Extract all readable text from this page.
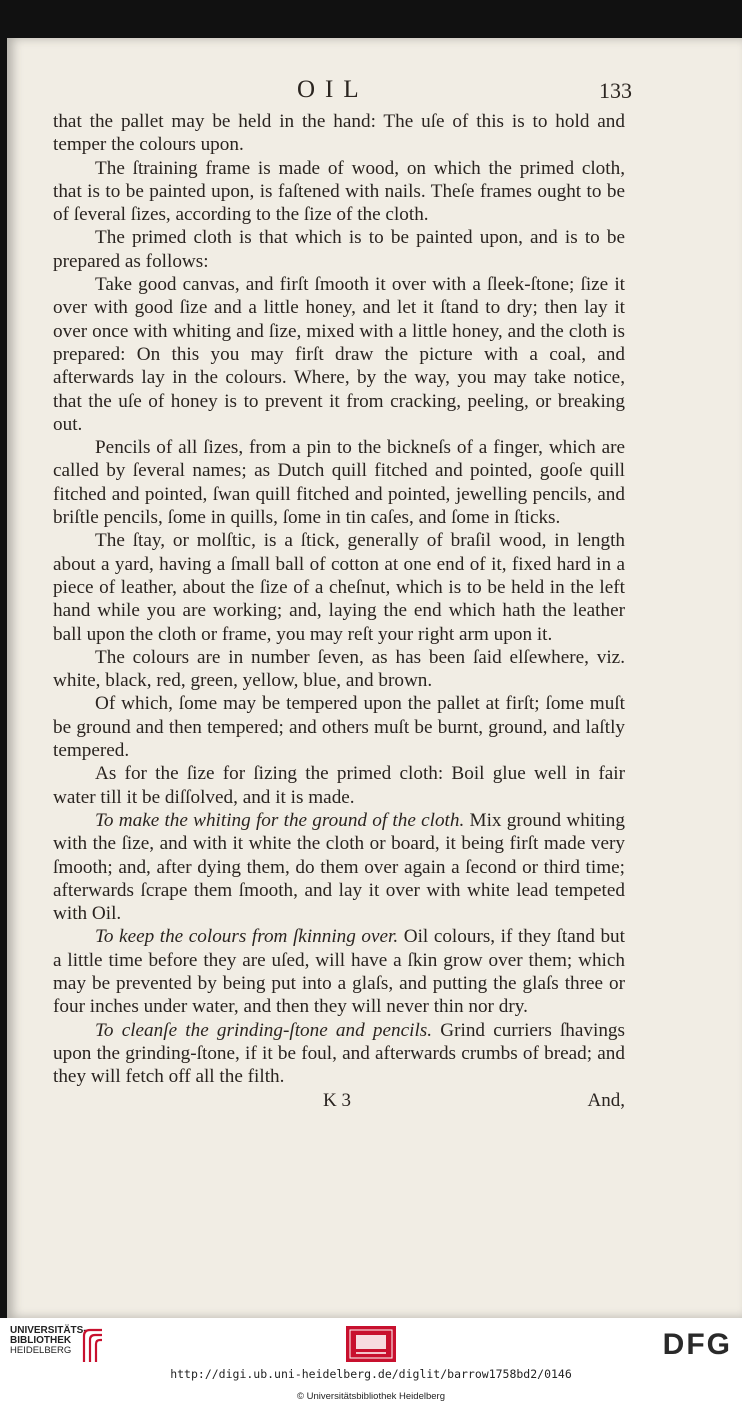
OIL	133

that the pallet may be held in the hand: The uſe of this is to hold and temper the colours upon.

The ſtraining frame is made of wood, on which the primed cloth, that is to be painted upon, is faſtened with nails. Theſe frames ought to be of ſeveral ſizes, according to the ſize of the cloth.

The primed cloth is that which is to be painted upon, and is to be prepared as follows:

Take good canvas, and firſt ſmooth it over with a ſleek-ſtone; ſize it over with good ſize and a little honey, and let it ſtand to dry; then lay it over once with whiting and ſize, mixed with a little honey, and the cloth is prepared: On this you may firſt draw the picture with a coal, and afterwards lay in the colours. Where, by the way, you may take notice, that the uſe of honey is to prevent it from cracking, peeling, or breaking out.

Pencils of all ſizes, from a pin to the bickneſs of a finger, which are called by ſeveral names; as Dutch quill fitched and pointed, gooſe quill fitched and pointed, ſwan quill fitched and pointed, jewelling pencils, and briſtle pencils, ſome in quills, ſome in tin caſes, and ſome in ſticks.

The ſtay, or molſtic, is a ſtick, generally of braſil wood, in length about a yard, having a ſmall ball of cotton at one end of it, fixed hard in a piece of leather, about the ſize of a cheſnut, which is to be held in the left hand while you are working; and, laying the end which hath the leather ball upon the cloth or frame, you may reſt your right arm upon it.

The colours are in number ſeven, as has been ſaid elſewhere, viz. white, black, red, green, yellow, blue, and brown.

Of which, ſome may be tempered upon the pallet at firſt; ſome muſt be ground and then tempered; and others muſt be burnt, ground, and laſtly tempered.

As for the ſize for ſizing the primed cloth: Boil glue well in fair water till it be diſſolved, and it is made.

To make the whiting for the ground of the cloth. Mix ground whiting with the ſize, and with it white the cloth or board, it being firſt made very ſmooth; and, after dying them, do them over again a ſecond or third time; afterwards ſcrape them ſmooth, and lay it over with white lead tempeted with Oil.

To keep the colours from ſkinning over. Oil colours, if they ſtand but a little time before they are uſed, will have a ſkin grow over them; which may be prevented by being put into a glaſs, and putting the glaſs three or four inches under water, and then they will never thin nor dry.

To cleanſe the grinding-ſtone and pencils. Grind curriers ſhavings upon the grinding-ſtone, if it be foul, and afterwards crumbs of bread; and they will fetch off all the filth.

K 3	And,
UNIVERSITÄTS-
BIBLIOTHEK
HEIDELBERG	DFG
http://digi.ub.uni-heidelberg.de/diglit/barrow1758bd2/0146
© Universitätsbibliothek Heidelberg
